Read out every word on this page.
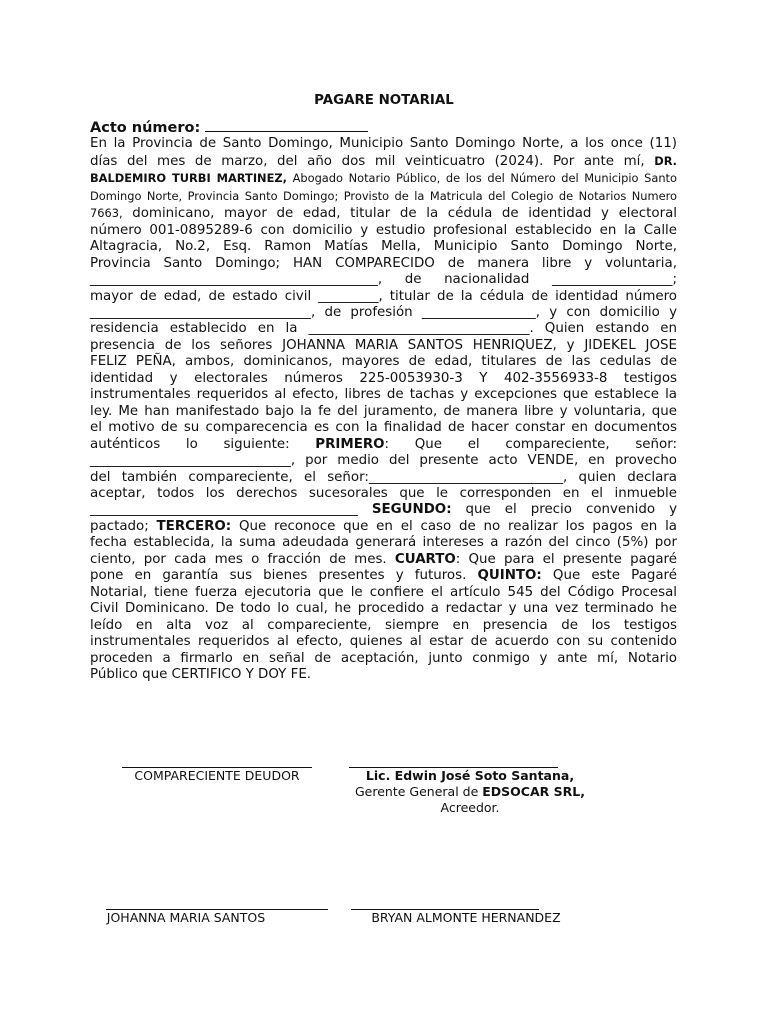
PAGARE NOTARIAL
Acto número:
En la Provincia de Santo Domingo, Municipio Santo Domingo Norte, a los once (11)
días del mes de marzo, del año dos mil veinticuatro (2024). Por ante mí, DR.
BALDEMIRO TURBI MARTINEZ, Abogado Notario Público, de los del Número del Municipio Santo
Domingo Norte, Provincia Santo Domingo; Provisto de la Matricula del Colegio de Notarios Numero
7663, dominicano, mayor de edad, titular de la cédula de identidad y electoral
número 001-0895289-6 con domicilio y estudio profesional establecido en la Calle
Altagracia, No.2, Esq. Ramon Matías Mella, Municipio Santo Domingo Norte,
Provincia Santo Domingo; HAN COMPARECIDO de manera libre y voluntaria,
___________________________________________, de nacionalidad __________________;
mayor de edad, de estado civil _________, titular de la cédula de identidad número
_________________________________, de profesión _________________, y con domicilio y
residencia establecido en la _________________________________. Quien estando en
presencia de los señores JOHANNA MARIA SANTOS HENRIQUEZ, y JIDEKEL JOSE
FELIZ PEÑA, ambos, dominicanos, mayores de edad, titulares de las cedulas de
identidad y electorales números 225-0053930-3 Y 402-3556933-8 testigos
instrumentales requeridos al efecto, libres de tachas y excepciones que establece la
ley. Me han manifestado bajo la fe del juramento, de manera libre y voluntaria, que
el motivo de su comparecencia es con la finalidad de hacer constar en documentos
auténticos lo siguiente: PRIMERO: Que el compareciente, señor:
______________________________, por medio del presente acto VENDE, en provecho
del también compareciente, el señor:_____________________________, quien declara
aceptar, todos los derechos sucesorales que le corresponden en el inmueble
________________________________________ SEGUNDO: que el precio convenido y
pactado; TERCERO: Que reconoce que en el caso de no realizar los pagos en la
fecha establecida, la suma adeudada generará intereses a razón del cinco (5%) por
ciento, por cada mes o fracción de mes. CUARTO: Que para el presente pagaré
pone en garantía sus bienes presentes y futuros. QUINTO: Que este Pagaré
Notarial, tiene fuerza ejecutoria que le confiere el artículo 545 del Código Procesal
Civil Dominicano. De todo lo cual, he procedido a redactar y una vez terminado he
leído en alta voz al compareciente, siempre en presencia de los testigos
instrumentales requeridos al efecto, quienes al estar de acuerdo con su contenido
proceden a firmarlo en señal de aceptación, junto conmigo y ante mí, Notario
Público que CERTIFICO Y DOY FE.
COMPARECIENTE DEUDOR	Lic. Edwin José Soto Santana,
Gerente General de EDSOCAR SRL,
Acreedor.
JOHANNA MARIA SANTOS	BRYAN ALMONTE HERNANDEZ
